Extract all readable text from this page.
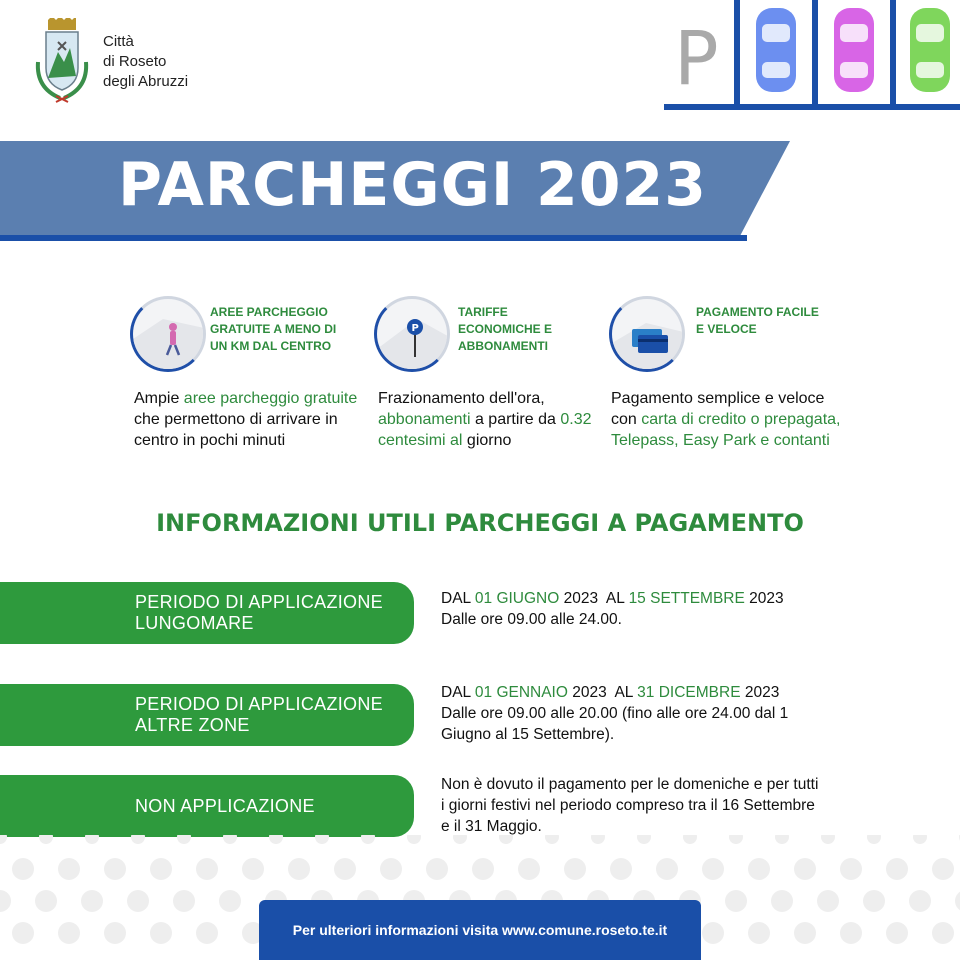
Città
di Roseto
degli Abruzzi	P
PARCHEGGI 2023
AREE PARCHEGGIO GRATUITE A MENO DI UN KM DAL CENTRO
Ampie aree parcheggio gratuite che permettono di arrivare in centro in pochi minuti
P
TARIFFE ECONOMICHE E ABBONAMENTI
Frazionamento dell'ora, abbonamenti a partire da 0.32 centesimi al giorno
PAGAMENTO FACILE E VELOCE
Pagamento semplice e veloce con carta di credito o prepagata, Telepass, Easy Park e contanti
INFORMAZIONI UTILI PARCHEGGI A PAGAMENTO
PERIODO DI APPLICAZIONE
LUNGOMARE
DAL 01 GIUGNO 2023  AL 15 SETTEMBRE 2023
Dalle ore 09.00 alle 24.00.
PERIODO DI APPLICAZIONE
ALTRE ZONE
DAL 01 GENNAIO 2023  AL 31 DICEMBRE 2023
Dalle ore 09.00 alle 20.00 (fino alle ore 24.00 dal 1 Giugno al 15 Settembre).
NON APPLICAZIONE
Non è dovuto il pagamento per le domeniche e per tutti i giorni festivi nel periodo compreso tra il 16 Settembre e il 31 Maggio.
Per ulteriori informazioni visita www.comune.roseto.te.it
